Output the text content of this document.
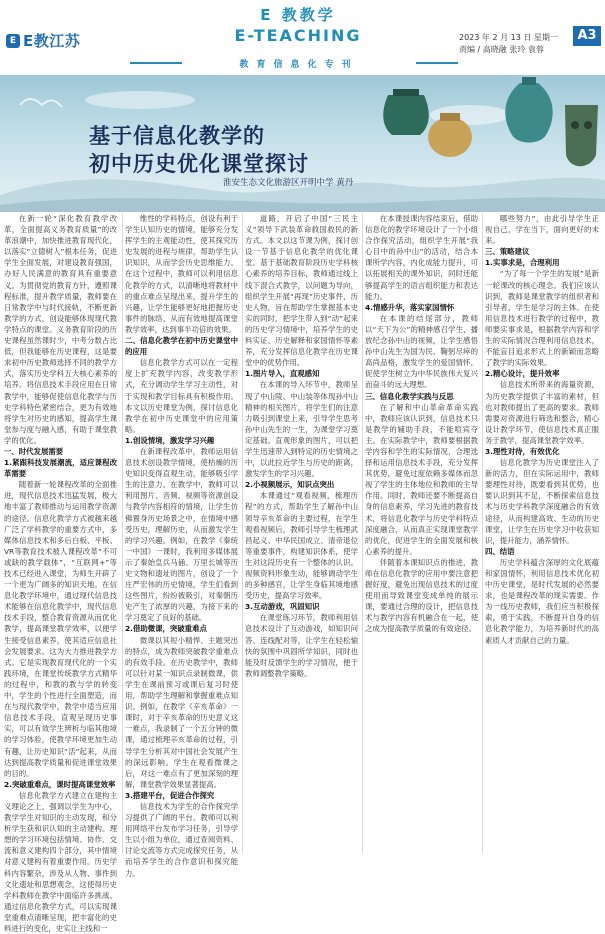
E E教江苏
E 教教学
E-TEACHING
教育信息化专刊
2023 年 2 月 13 日 星期一
责编 / 高晓融 张玲 袁蓉
A3
基于信息化教学的
初中历史优化课堂探讨
淮安生态文化旅游区开明中学 黄丹

在新一轮“深化教育教学改革，全面提高义务教育质量”的改革浪潮中，加快推进教育现代化，以落实“立德树人”根本任务，促进学生全面发展，对建设教育强国，办好人民满意的教育具有重要意义。为贯彻党的教育方针，遵照课程标准，提升教学质量，教师要在日常教学中与时代接轨，不断更新教学的方式，创设能够体现现代教学特点的课堂。义务教育阶段的历史课程虽然课时少，中考分数占比低，但我能够在历史课程，这是要求初中历史教师选择不同的教学方式，落实历史学科五大核心素养的培养。将信息技术手段应用在日常教学中，能够促使信息化教学与历史学科特色紧密结合，更为有效地将学生对历史的感知，提高学生课堂参与度与融入感，有助于课堂教学的优化。

一、时代发展需要
1.紧跟科技发展潮流，适应课程改革需要

随着新一轮课程改革的全面推进，现代信息技术迅猛发展，极大地丰富了教师推动与运用教学资源的途径。信息化教学方式被越来越广泛了学科教学的重要方式中，多媒体信息技术和多后白板、平板、VR等教育技术被人课程改革“不可或缺的教学载体”，“互联网+”等技术已经进入课堂，为师生开辟了一个更为广阔多的知识天地。在信息化教学环境中，通过现代信息技术能够在信息化教学中，现代信息技术手段，整合教育资源从而优化教学，提高课堂教学效率，以便学生接受信息素养，使其适应信息社会发展要求。这为大力推进教学方式。它是实现教育现代化的一个实践环境，在课堂传统教学方式精华的过程中，和教的教与学的转变中，学生的个性进行全面塑造，而在与现代教学中，教学中适当应用信息技术手段，直观呈现历史事实，可以有效学生辨析与临其他境的学习体验，使教学环境更加生动有趣，让历史知识“活”起来，从而达到提高教学质量和促进课堂效果的目的。

2.突破重难点，课时提高课堂效率

信息化教学方式建立在建构主义理论之上，强调以学生为中心，教学学生对知识的主动发现，和分析学生获和识认知的主动建构。理想的学习环境包括情境、协作、交流和意义建构四个部分，其中情境对意义建构有着重要作用。历史学科内容繁杂，涉及从人物、事件到文化遗址和思想观念，这使得历史学科教师在教学中面临许多挑战。通过信息化教学方式，可以实现课堂重难点清晰呈现，把丰富化的史料进行的变化，史实让主线和一

维性的学科特点，创设有利于学生认知历史的情境，能够充分发挥学生的主观能动性，使其探究历史发展的进程与规律，帮助学生认识知识，从而学会历史思维能力。在这个过程中，教师可以利用信息化教学的方式，以清晰地将教材中的重点难点呈现出来，提升学生的兴趣，让学生能够更好地把握历史事件的脉络，从而有效地提高课堂教学效率，达到事半功倍的效果。

二、信息化教学在初中历史课堂中的应用

信息化教学方式可以在一定程度上扩充教学内容，改变教学形式，充分调动学生学习主动性，对于实现和教学目标具有积极作用。本文以历史课堂为例，探讨信息化教学在初中历史课堂中的应用策略。

1.创设情境，激发学习兴趣

在新课程改革中，教师运用信息技术创设教学情境，使枯燥的历史知识变得直观生动，能够吸引学生的注意力。在教学中，教师可以利用图片、音频、视频等资源创设与教学内容相符的情境，让学生仿佛置身历史场景之中，在情境中感受历史，理解历史，从而激发学生的学习兴趣。例如，在教学《秦统一中国》一课时，我利用多媒体展示了秦始皇兵马俑、万里长城等历史文物和遗址的图片，创设了一个庄严宏伟的历史情境，学生们看到这些图片，纷纷被吸引，对秦朝历史产生了浓厚的兴趣，为接下来的学习奠定了良好的基础。

2.借助微课，突破重难点

微课以其短小精悍、主题突出的特点，成为教师突破教学重难点的有效手段。在历史教学中，教师可以针对某一知识点录制微课，供学生在课前预习或课后复习时使用，帮助学生理解和掌握重难点知识。例如，在教学《辛亥革命》一课时，对于辛亥革命的历史意义这一难点，我录制了一个五分钟的微课，通过梳理辛亥革命的过程，引导学生分析其对中国社会发展产生的深远影响。学生在观看微课之后，对这一难点有了更加深刻的理解，课堂教学效果显著提高。

3.搭建平台，促进合作探究

信息技术为学生的合作探究学习提供了广阔的平台。教师可以利用网络平台发布学习任务，引导学生以小组为单位，通过查阅资料、讨论交流等方式完成探究任务，从而培养学生的合作意识和探究能力。

道路，开启了中国“三民主义”领导下武装革命救国救民的新方式。本文以这节课为例，探讨创设一节基于信息化教学的优化课堂。基于基础教育阶段历史学科核心素养的培养目标，教师通过线上线下混合式教学，以问题为导向，组织学生开展“再现”历史事件，历史人物，旨在帮助学生掌握基本史实的同时，把学生带入到“动”起来的历史学习情境中，培养学生的史料实证、历史解释和家国情怀等素养，充分发挥信息化教学在历史课堂中的优势作用。

1.图片导入，直观感知

在本课的导入环节中，教师呈现了中山陵、中山装等体现孙中山精神的相关图片，将学生们的注意力吸引到课堂上来，引导学生思考孙中山先生的一生，为课堂学习奠定基础。直观形象的图片，可以把学生迅速带入到特定的历史情境之中，以此拉近学生与历史的距离，激发学生的学习兴趣。

2.小视频展示，知识点突出

本课通过“观看视频，梳理历程”的方式，帮助学生了解孙中山领导辛亥革命的主要过程，在学生观看视频后，教师引导学生梳理武昌起义、中华民国成立、清帝退位等重要事件，构建知识体系，使学生对这段历史有一个整体的认识。视频资料形象生动，能够调动学生的多种感官，让学生身临其境地感受历史，提高学习效率。

3.互动游戏，巩固知识

在课堂练习环节，教师利用信息技术设计了互动游戏，如知识问答、连线配对等，让学生在轻松愉快的氛围中巩固所学知识，同时也能及时反馈学生的学习情况，便于教师调整教学策略。

在本课授课内容结束后，借助信息化的教学环境设计了一个小组合作探究活动，组织学生开展“我心目中的孙中山”的活动，结合本课所学内容，内化成能力提升，可以拓展相关的课外知识，同时还能够提高学生的语言组织能力和表达能力。

4.情感升华，落实家国情怀

在本课的结尾部分，教师以“天下为公”的精神感召学生，播放纪念孙中山的视频，让学生感悟孙中山先生为国为民、鞠躬尽瘁的高尚品格，激发学生的爱国情怀，促使学生树立为中华民族伟大复兴而奋斗的远大理想。

三、信息化教学实践与反思

在了解和中山革命革命实践中，教师应该认识到，信息技术只是教学的辅助手段，不能喧宾夺主。在实际教学中，教师要根据教学内容和学生的实际情况，合理选择和运用信息技术手段，充分发挥其优势，避免过度依赖多媒体而忽视了学生的主体地位和教师的主导作用。同时，教师还要不断提高自身的信息素养，学习先进的教育技术，将信息化教学与历史学科特点深度融合，从而真正实现课堂教学的优化，促进学生的全面发展和核心素养的提升。

伴随着本课知识点的推进，教师在信息化教学的应用中要注意把握好度，避免出现信息技术的过度使用而导致课堂变成单纯的展示课，要通过合理的设计，把信息技术与教学内容有机融合在一起，使之成为提高教学质量的有效途径。

哪些努力”，由此引导学生正视自己，学在当下，面向更好的未来。

三、策略建议
1.实事求是，合理利用

“为了每一个学生的发展”是新一轮课改的核心理念。我们应该认识到，教师是课堂教学的组织者和引导者，学生是学习的主体。在使用信息技术进行教学的过程中，教师要实事求是，根据教学内容和学生的实际情况合理利用信息技术，不能盲目追求形式上的新颖而忽略了教学的实际效果。

2.精心设计，提升效率

信息技术所带来的海量资源，为历史教学提供了丰富的素材，但也对教师提出了更高的要求。教师需要对资源进行筛选和整合，精心设计教学环节，使信息技术真正服务于教学，提高课堂教学效率。

3.理性对待，有效优化

信息化教学为历史课堂注入了新的活力，但在实际运用中，教师要理性对待，既要看到其优势，也要认识到其不足，不断探索信息技术与历史学科教学深度融合的有效途径，从而构建高效、生动的历史课堂，让学生在历史学习中收获知识，提升能力，涵养情怀。

四、结语

历史学科蕴含深厚的文化底蕴和家国情怀，利用信息技术优化初中历史课堂，是时代发展的必然要求，也是课程改革的现实需要。作为一线历史教师，我们应当积极探索，勇于实践，不断提升自身的信息化教学能力，为培养新时代的高素质人才贡献自己的力量。
